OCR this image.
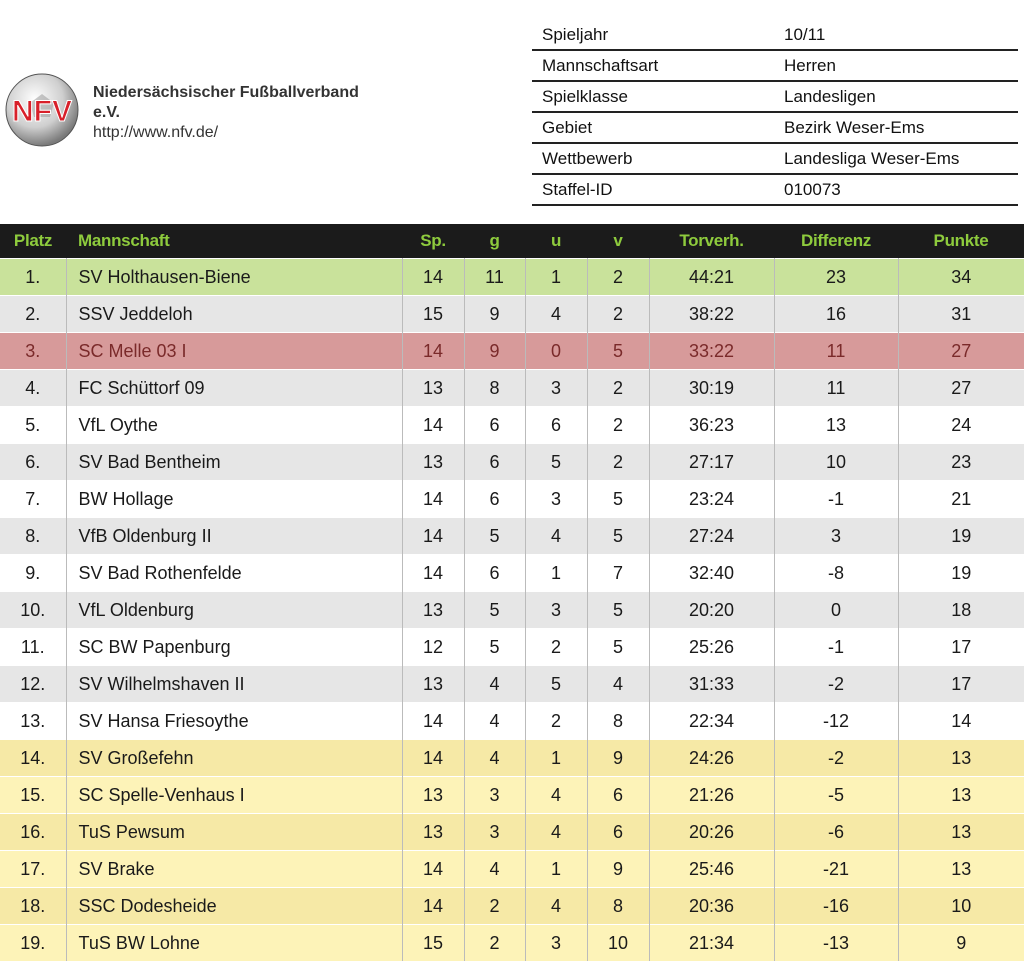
NFV
Niedersächsischer Fußballverband
e.V.
http://www.nfv.de/
Spieljahr	10/11
Mannschaftsart	Herren
Spielklasse	Landesligen
Gebiet	Bezirk Weser-Ems
Wettbewerb	Landesliga Weser-Ems
Staffel-ID	010073
Platz	Mannschaft	Sp.	g	u	v	Torverh.	Differenz	Punkte
1.	SV Holthausen-Biene	14	11	1	2	44:21	23	34
2.	SSV Jeddeloh	15	9	4	2	38:22	16	31
3.	SC Melle 03 I	14	9	0	5	33:22	11	27
4.	FC Schüttorf 09	13	8	3	2	30:19	11	27
5.	VfL Oythe	14	6	6	2	36:23	13	24
6.	SV Bad Bentheim	13	6	5	2	27:17	10	23
7.	BW Hollage	14	6	3	5	23:24	-1	21
8.	VfB Oldenburg II	14	5	4	5	27:24	3	19
9.	SV Bad Rothenfelde	14	6	1	7	32:40	-8	19
10.	VfL Oldenburg	13	5	3	5	20:20	0	18
11.	SC BW Papenburg	12	5	2	5	25:26	-1	17
12.	SV Wilhelmshaven II	13	4	5	4	31:33	-2	17
13.	SV Hansa Friesoythe	14	4	2	8	22:34	-12	14
14.	SV Großefehn	14	4	1	9	24:26	-2	13
15.	SC Spelle-Venhaus I	13	3	4	6	21:26	-5	13
16.	TuS Pewsum	13	3	4	6	20:26	-6	13
17.	SV Brake	14	4	1	9	25:46	-21	13
18.	SSC Dodesheide	14	2	4	8	20:36	-16	10
19.	TuS BW Lohne	15	2	3	10	21:34	-13	9
